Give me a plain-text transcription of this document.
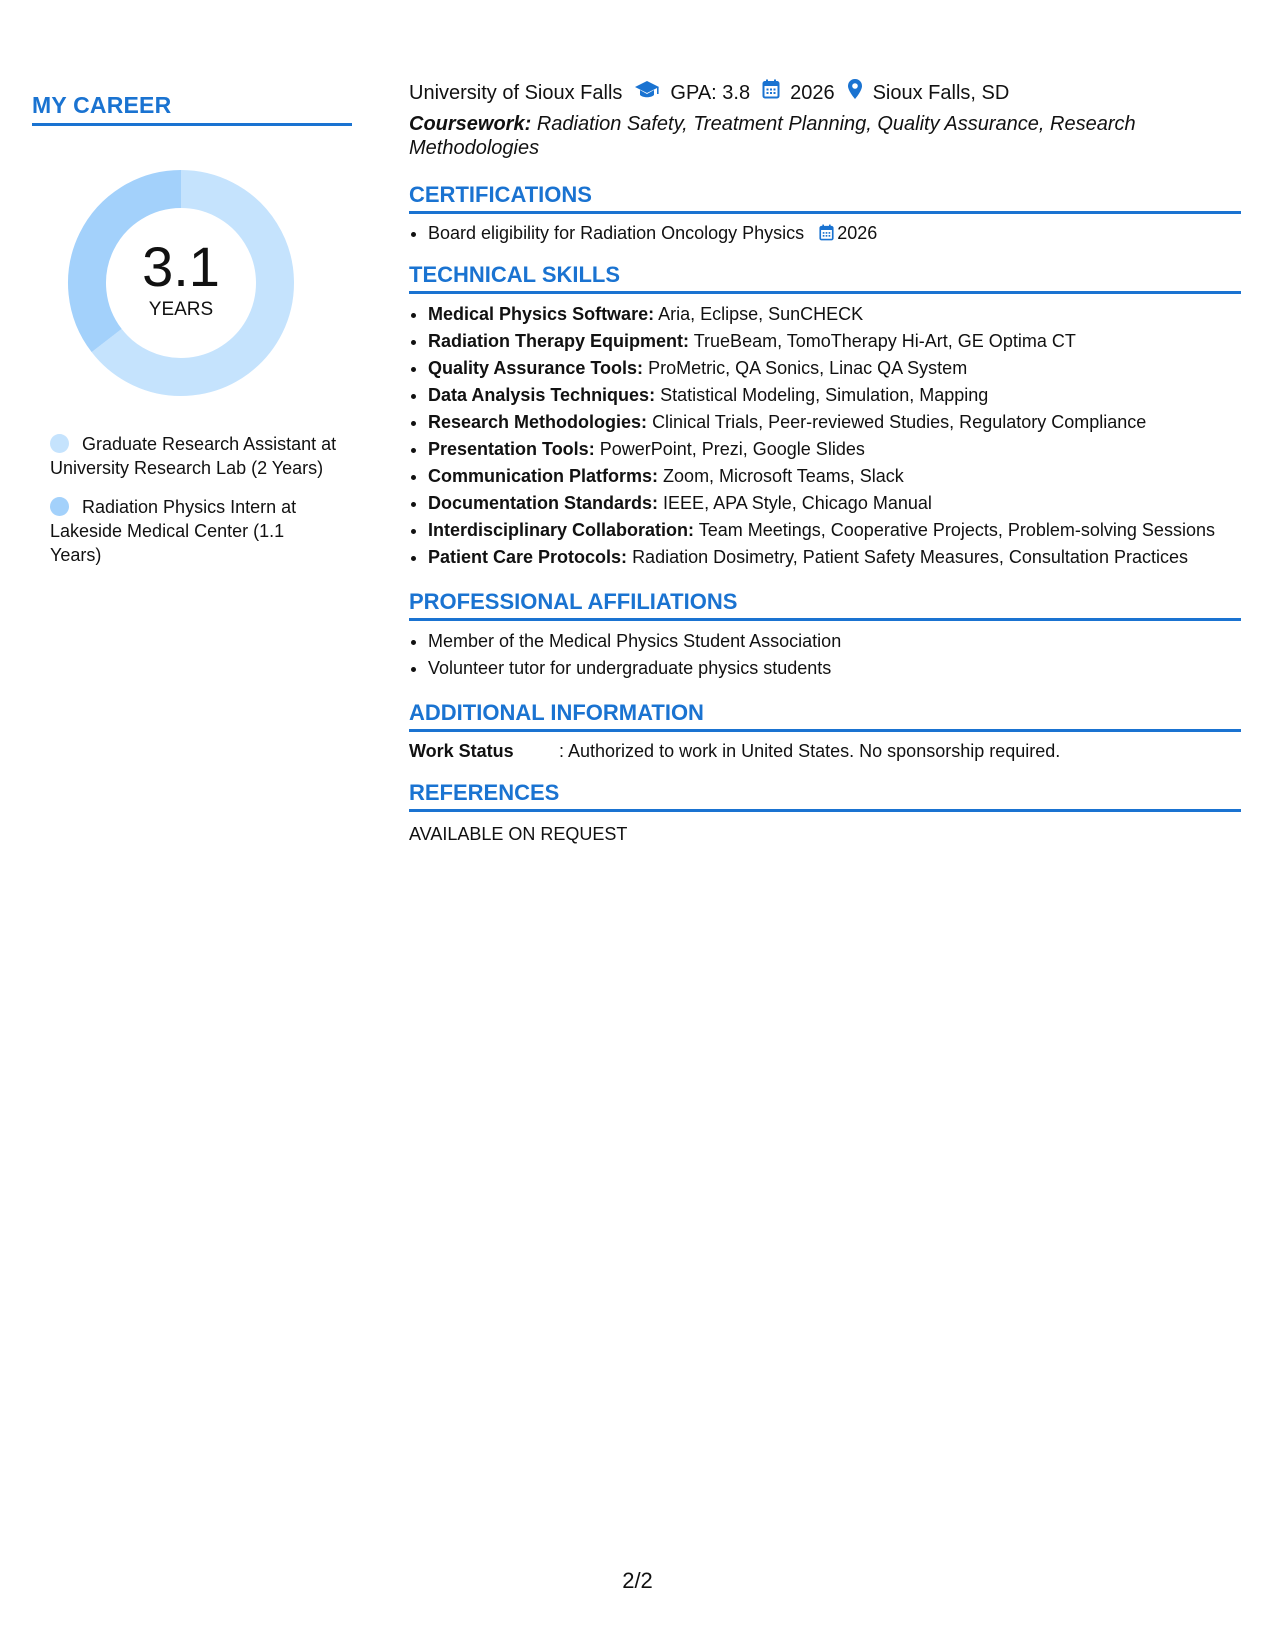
MY CAREER
3.1
YEARS
Graduate Research Assistant at University Research Lab (2 Years)
Radiation Physics Intern at Lakeside Medical Center (1.1 Years)
University of Sioux Falls GPA: 3.8 2026 Sioux Falls, SD
Coursework: Radiation Safety, Treatment Planning, Quality Assurance, Research Methodologies
CERTIFICATIONS
• Board eligibility for Radiation Oncology Physics 2026
TECHNICAL SKILLS
• Medical Physics Software: Aria, Eclipse, SunCHECK
• Radiation Therapy Equipment: TrueBeam, TomoTherapy Hi-Art, GE Optima CT
• Quality Assurance Tools: ProMetric, QA Sonics, Linac QA System
• Data Analysis Techniques: Statistical Modeling, Simulation, Mapping
• Research Methodologies: Clinical Trials, Peer-reviewed Studies, Regulatory Compliance
• Presentation Tools: PowerPoint, Prezi, Google Slides
• Communication Platforms: Zoom, Microsoft Teams, Slack
• Documentation Standards: IEEE, APA Style, Chicago Manual
• Interdisciplinary Collaboration: Team Meetings, Cooperative Projects, Problem-solving Sessions
• Patient Care Protocols: Radiation Dosimetry, Patient Safety Measures, Consultation Practices
PROFESSIONAL AFFILIATIONS
• Member of the Medical Physics Student Association
• Volunteer tutor for undergraduate physics students
ADDITIONAL INFORMATION
Work Status	: Authorized to work in United States. No sponsorship required.
REFERENCES
AVAILABLE ON REQUEST
2/2
